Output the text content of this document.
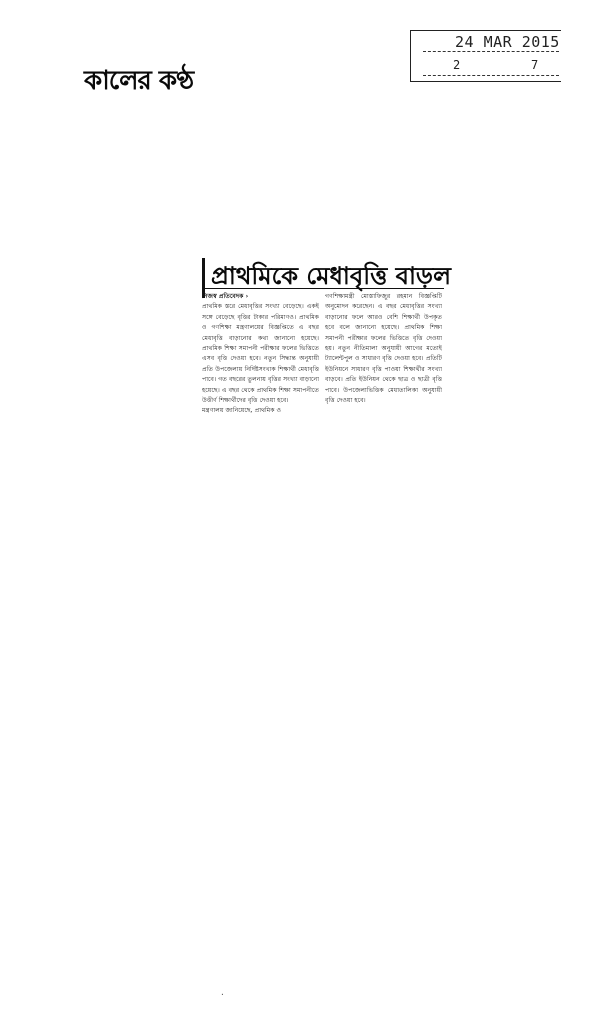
কালের কণ্ঠ
24 MAR 2015
2	7
প্রাথমিকে মেধাবৃত্তি বাড়ল

নিজস্ব প্রতিবেদক ›

প্রাথমিক স্তরে মেধাবৃত্তির সংখ্যা বেড়েছে। একই সঙ্গে বেড়েছে বৃত্তির টাকার পরিমাণও। প্রাথমিক ও গণশিক্ষা মন্ত্রণালয়ের বিজ্ঞপ্তিতে এ বছর মেধাবৃত্তি বাড়ানোর কথা জানানো হয়েছে। প্রাথমিক শিক্ষা সমাপনী পরীক্ষার ফলের ভিত্তিতে এসব বৃত্তি দেওয়া হবে। নতুন সিদ্ধান্ত অনুযায়ী প্রতি উপজেলায় নির্দিষ্টসংখ্যক শিক্ষার্থী মেধাবৃত্তি পাবে। গত বছরের তুলনায় বৃত্তির সংখ্যা বাড়ানো হয়েছে। এ বছর থেকে প্রাথমিক শিক্ষা সমাপনীতে উত্তীর্ণ শিক্ষার্থীদের বৃত্তি দেওয়া হবে।

মন্ত্রণালয় জানিয়েছে, প্রাথমিক ও

গণশিক্ষামন্ত্রী মোস্তাফিজুর রহমান বিজ্ঞপ্তিটি অনুমোদন করেছেন। এ বছর মেধাবৃত্তির সংখ্যা বাড়ানোর ফলে আরও বেশি শিক্ষার্থী উপকৃত হবে বলে জানানো হয়েছে। প্রাথমিক শিক্ষা সমাপনী পরীক্ষার ফলের ভিত্তিতে বৃত্তি দেওয়া হয়। নতুন নীতিমালা অনুযায়ী আগের মতোই ট্যালেন্টপুল ও সাধারণ বৃত্তি দেওয়া হবে। প্রতিটি ইউনিয়নে সাধারণ বৃত্তি পাওয়া শিক্ষার্থীর সংখ্যা বাড়বে। প্রতি ইউনিয়ন থেকে ছাত্র ও ছাত্রী বৃত্তি পাবে। উপজেলাভিত্তিক মেধাতালিকা অনুযায়ী বৃত্তি দেওয়া হবে।

·
